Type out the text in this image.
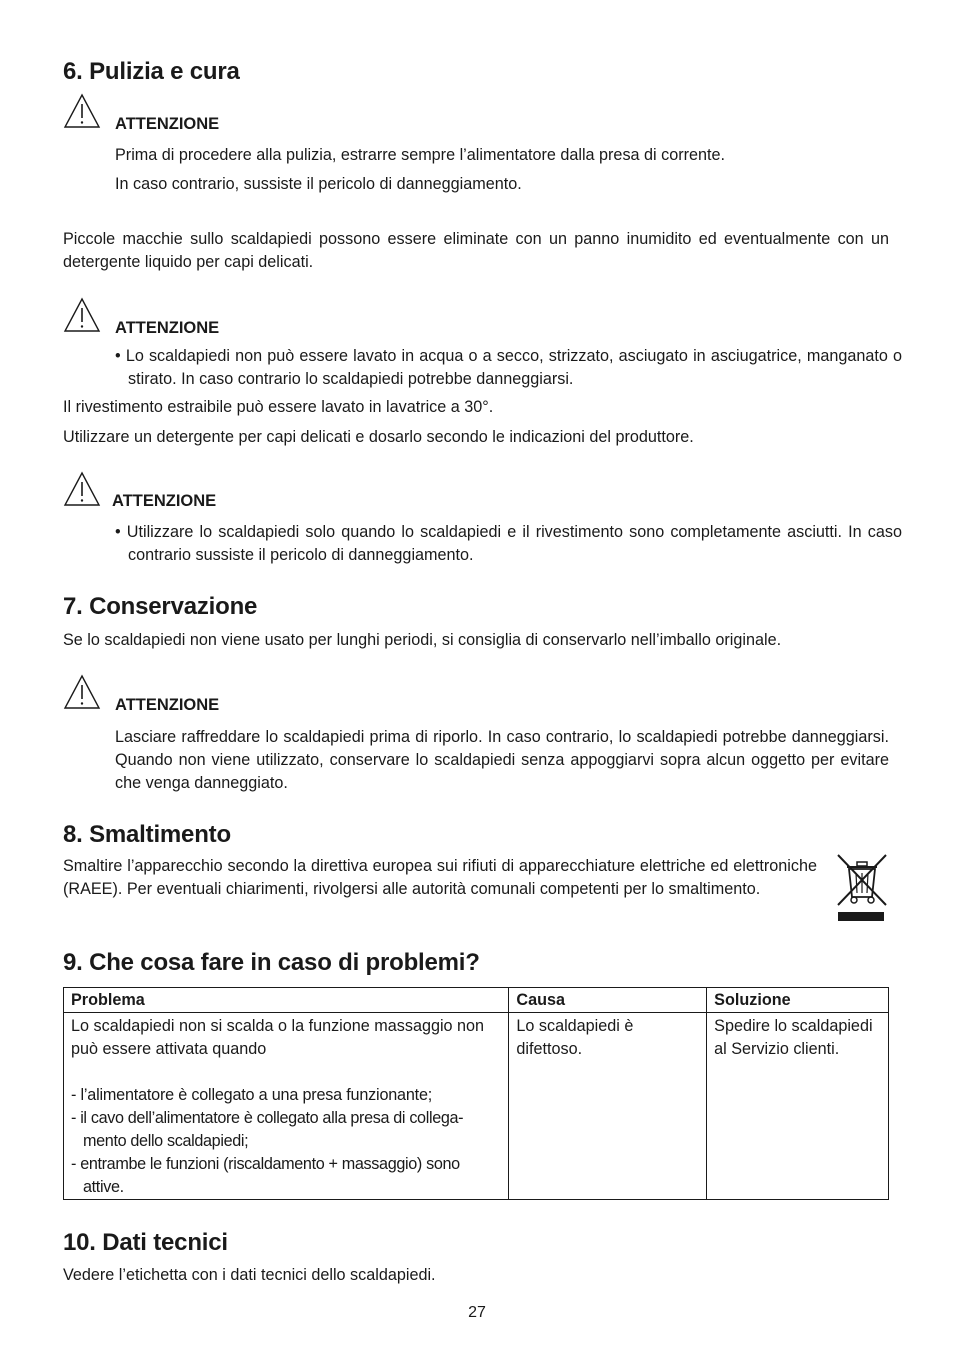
6. Pulizia e cura
ATTENZIONE

Prima di procedere alla pulizia, estrarre sempre l’alimentatore dalla presa di corrente.

In caso contrario, sussiste il pericolo di danneggiamento.

Piccole macchie sullo scaldapiedi possono essere eliminate con un panno inumidito ed eventualmente con un detergente liquido per capi delicati.

ATTENZIONE

• Lo scaldapiedi non può essere lavato in acqua o a secco, strizzato, asciugato in asciugatrice, manganato o stirato. In caso contrario lo scaldapiedi potrebbe danneggiarsi.

Il rivestimento estraibile può essere lavato in lavatrice a 30°.

Utilizzare un detergente per capi delicati e dosarlo secondo le indicazioni del produttore.

ATTENZIONE

• Utilizzare lo scaldapiedi solo quando lo scaldapiedi e il rivestimento sono completamente asciutti. In caso contrario sussiste il pericolo di danneggiamento.

7. Conservazione

Se lo scaldapiedi non viene usato per lunghi periodi, si consiglia di conservarlo nell’imballo originale.

ATTENZIONE

Lasciare raffreddare lo scaldapiedi prima di riporlo. In caso contrario, lo scaldapiedi potrebbe danneggiarsi. Quando non viene utilizzato, conservare lo scaldapiedi senza appoggiarvi sopra alcun oggetto per evitare che venga danneggiato.

8. Smaltimento

Smaltire l’apparecchio secondo la direttiva europea sui rifiuti di apparecchiature elettriche ed elettroniche (RAEE). Per eventuali chiarimenti, rivolgersi alle autorità comunali competenti per lo smaltimento.

9. Che cosa fare in caso di problemi?
Problema	Causa	Soluzione

Lo scaldapiedi non si scalda o la funzione massaggio non può essere attivata quando
- l’alimentatore è collegato a una presa funzionante;
- il cavo dell’alimentatore è collegato alla presa di collega-mento dello scaldapiedi;
- entrambe le funzioni (riscaldamento + massaggio) sono attive.	Lo scaldapiedi è difettoso.	Spedire lo scaldapiedi al Servizio clienti.
10. Dati tecnici

Vedere l’etichetta con i dati tecnici dello scaldapiedi.

27
